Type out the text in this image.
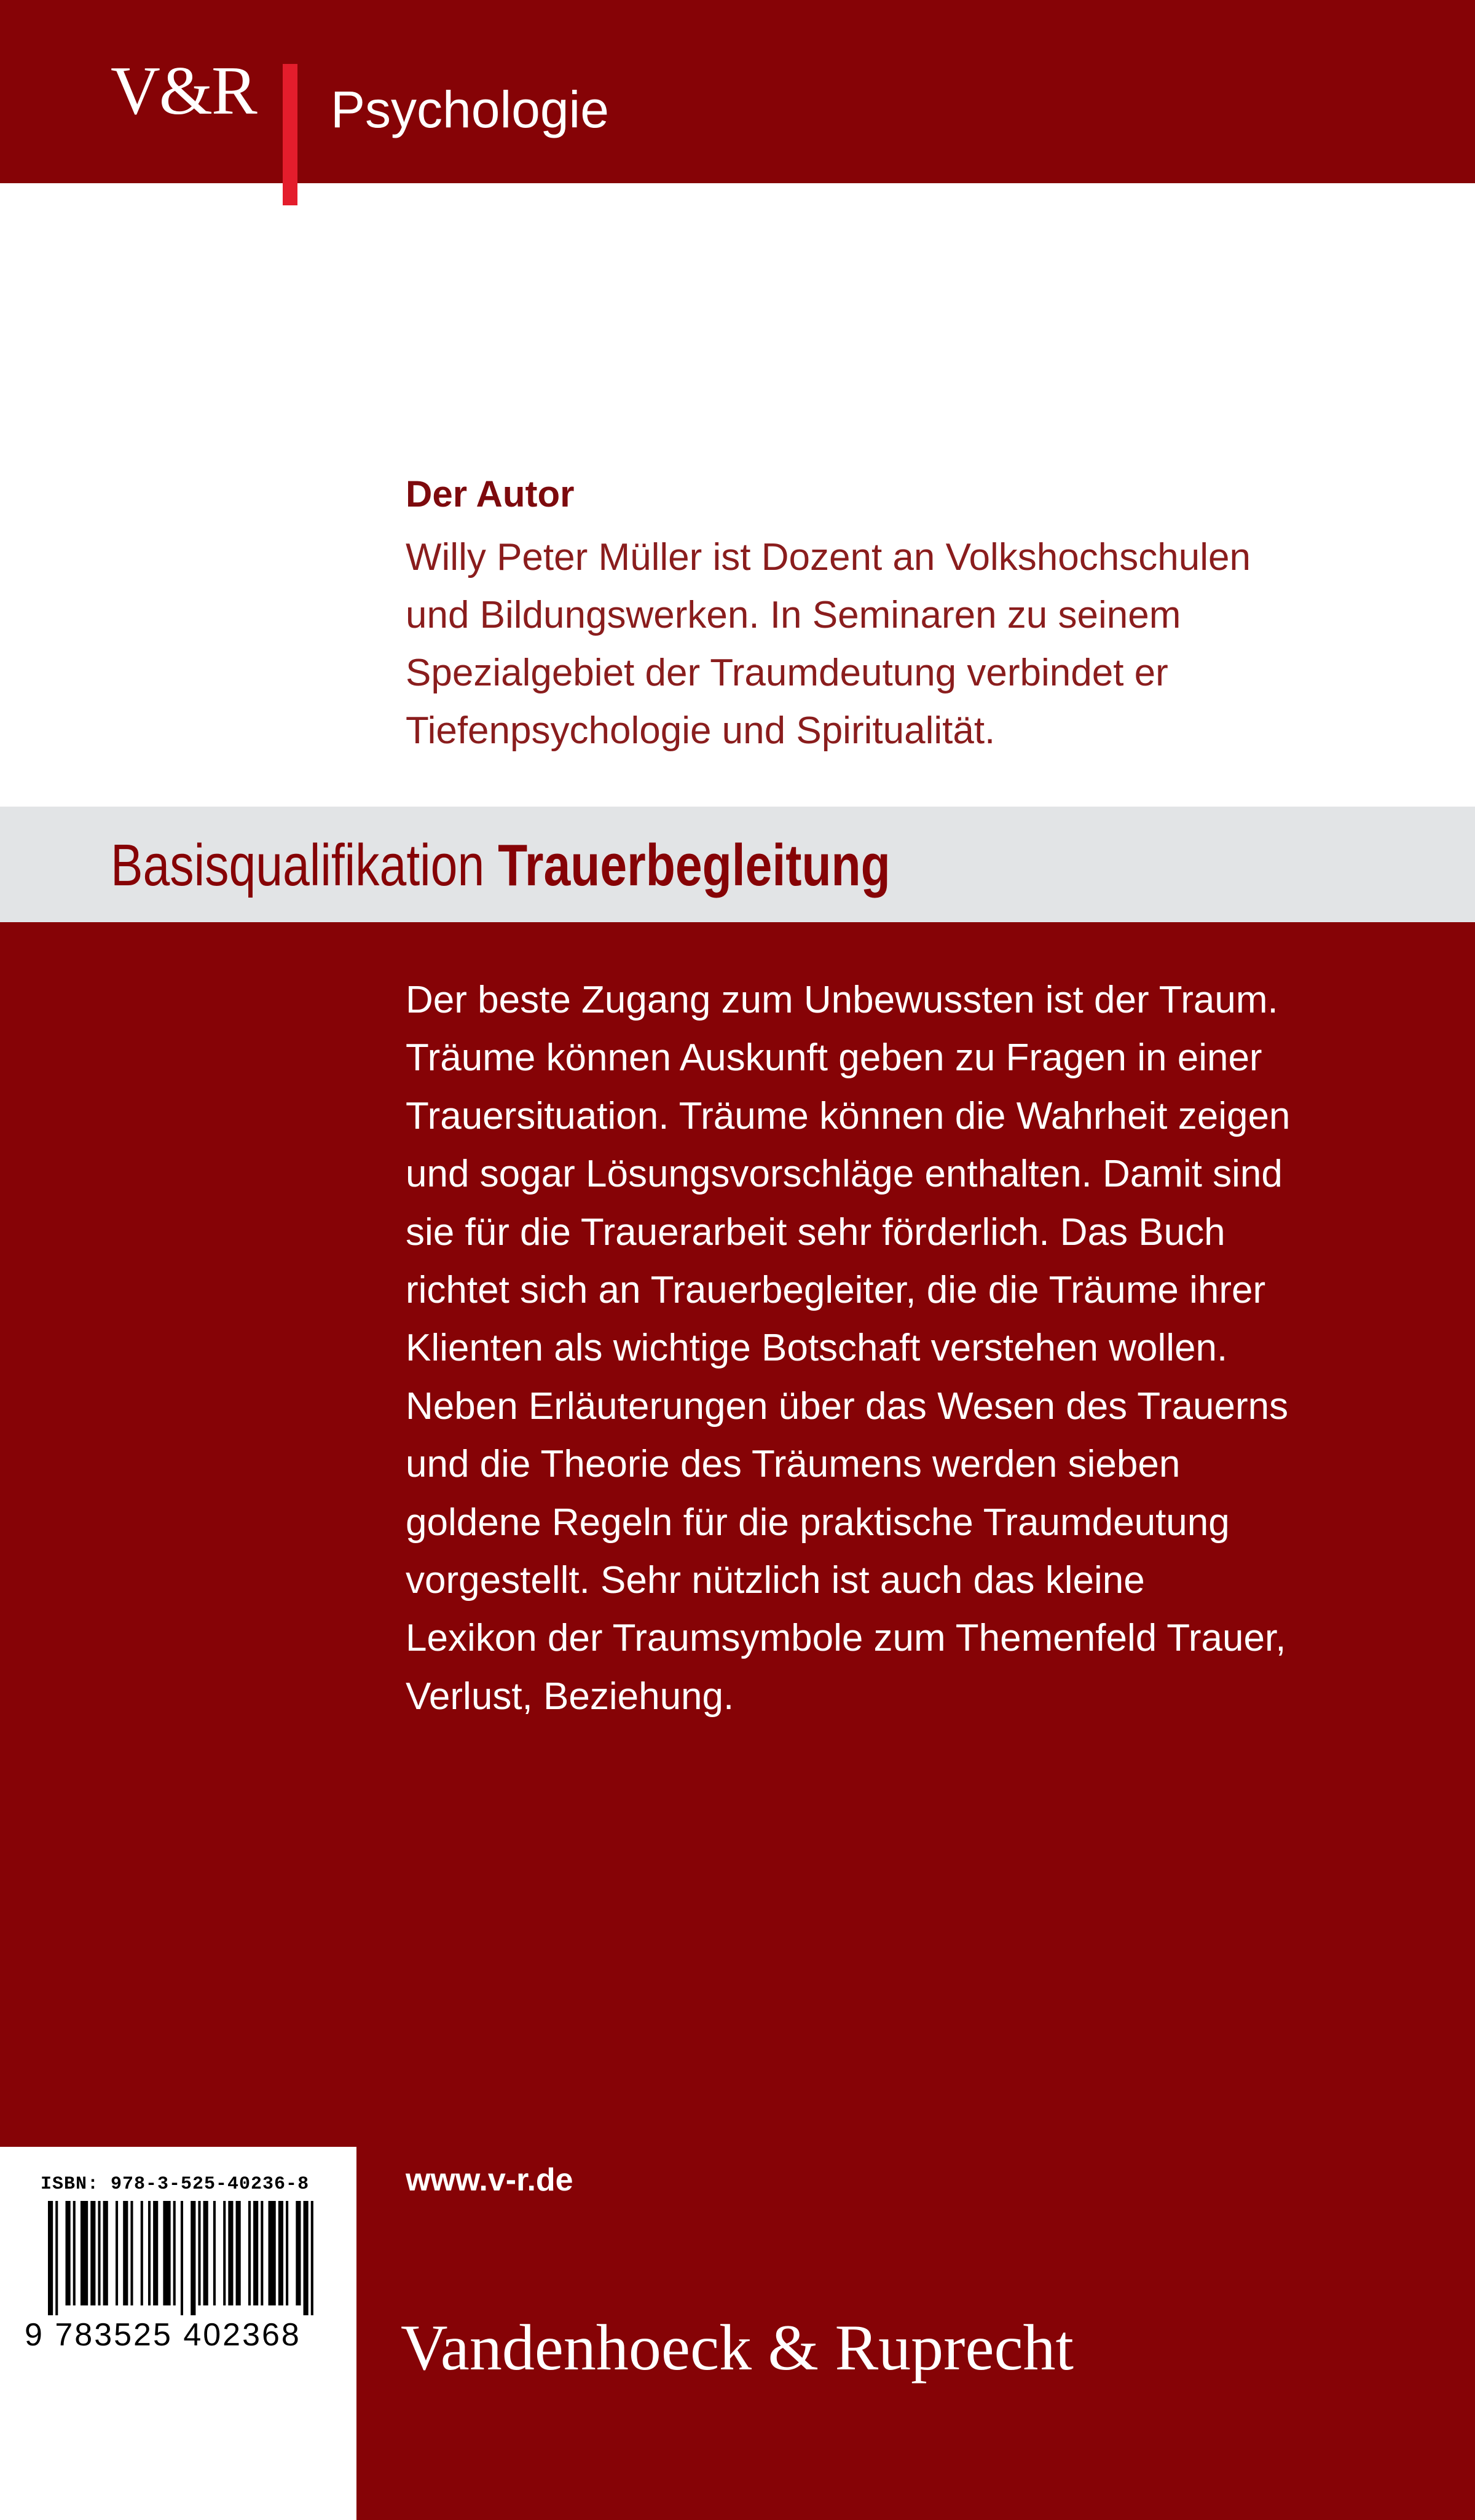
V&R Psychologie
Der Autor
Willy Peter Müller ist Dozent an Volkshochschulen
und Bildungswerken. In Seminaren zu seinem
Spezialgebiet der Traumdeutung verbindet er
Tiefenpsychologie und Spiritualität.
Basisqualifikation Trauerbegleitung
Der beste Zugang zum Unbewussten ist der Traum.
Träume können Auskunft geben zu Fragen in einer
Trauersituation. Träume können die Wahrheit zeigen
und sogar Lösungsvorschläge enthalten. Damit sind
sie für die Trauerarbeit sehr förderlich. Das Buch
richtet sich an Trauerbegleiter, die die Träume ihrer
Klienten als wichtige Botschaft verstehen wollen.
Neben Erläuterungen über das Wesen des Trauerns
und die Theorie des Träumens werden sieben
goldene Regeln für die praktische Traumdeutung
vorgestellt. Sehr nützlich ist auch das kleine
Lexikon der Traumsymbole zum Themenfeld Trauer,
Verlust, Beziehung.
ISBN: 978-3-525-40236-8
9 783525 402368
www.v-r.de
Vandenhoeck & Ruprecht
